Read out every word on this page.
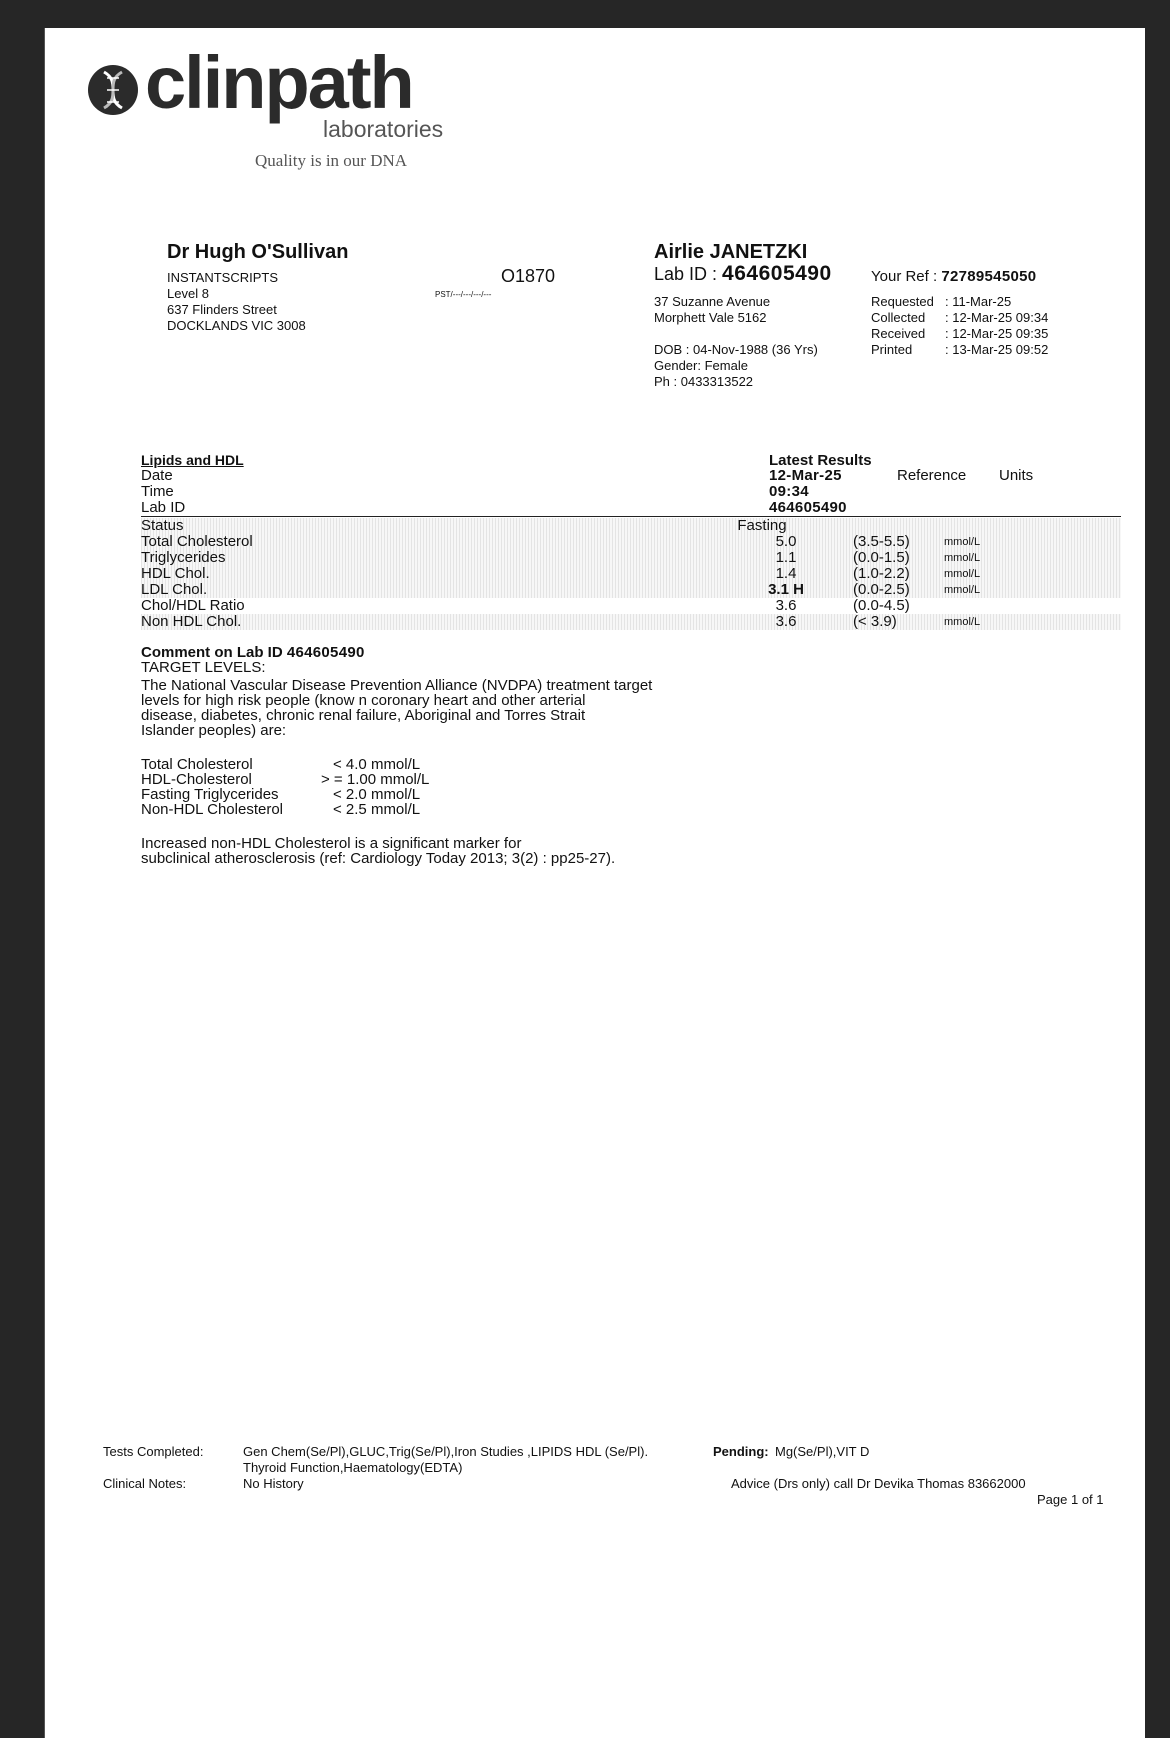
clinpath
laboratories
Quality is in our DNA
Dr Hugh O'Sullivan
INSTANTSCRIPTS
Level 8
637 Flinders Street
DOCKLANDS VIC 3008
O1870
PST/---/---/---/---
Airlie JANETZKI
Lab ID : 464605490	Your Ref : 72789545050
37 Suzanne Avenue
Morphett Vale 5162
DOB : 04-Nov-1988 (36 Yrs)
Gender: Female
Ph : 0433313522
Requested : 11-Mar-25
Collected : 12-Mar-25 09:34
Received : 12-Mar-25 09:35
Printed	: 13-Mar-25 09:52
Lipids and HDL	Latest Results
Date	12-Mar-25	Reference Units
Time	09:34
Lab ID	464605490
Status	Fasting
Total Cholesterol	5.0	(3.5-5.5)	mmol/L
Triglycerides	1.1	(0.0-1.5)	mmol/L
HDL Chol.	1.4	(1.0-2.2)	mmol/L
LDL Chol.	3.1 H	(0.0-2.5)	mmol/L
Chol/HDL Ratio	3.6	(0.0-4.5)
Non HDL Chol.	3.6	(< 3.9)	mmol/L
Comment on Lab ID 464605490
TARGET LEVELS:
The National Vascular Disease Prevention Alliance (NVDPA) treatment target
levels for high risk people (know n coronary heart and other arterial
disease, diabetes, chronic renal failure, Aboriginal and Torres Strait
Islander peoples) are:
Total Cholesterol	< 4.0 mmol/L
HDL-Cholesterol	> = 1.00 mmol/L
Fasting Triglycerides	< 2.0 mmol/L
Non-HDL Cholesterol	< 2.5 mmol/L
Increased non-HDL Cholesterol is a significant marker for
subclinical atherosclerosis (ref: Cardiology Today 2013; 3(2) : pp25-27).
Tests Completed:	Gen Chem(Se/Pl),GLUC,Trig(Se/Pl),Iron Studies ,LIPIDS HDL (Se/Pl).	Pending: Mg(Se/Pl),VIT D
Thyroid Function,Haematology(EDTA)
Clinical Notes:	No History	Advice (Drs only) call Dr Devika Thomas 83662000
Page 1 of 1
